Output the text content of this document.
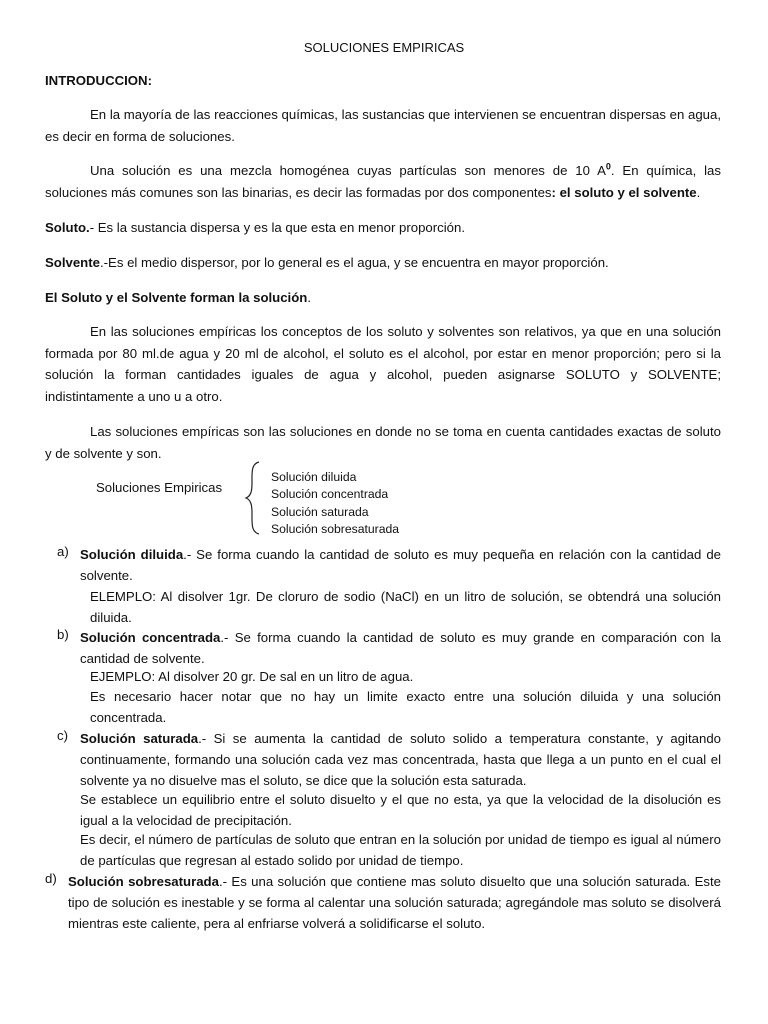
SOLUCIONES EMPIRICAS
INTRODUCCION:

En la mayoría de las reacciones químicas, las sustancias que intervienen se encuentran dispersas en agua, es decir en forma de soluciones.

Una solución es una mezcla homogénea cuyas partículas son menores de 10 $A^0$. En química, las soluciones más comunes son las binarias, es decir las formadas por dos componentes: el soluto y el solvente.

Soluto.- Es la sustancia dispersa y es la que esta en menor proporción.

Solvente.-Es el medio dispersor, por lo general es el agua, y se encuentra en mayor proporción.

El Soluto y el Solvente forman la solución.

En las soluciones empíricas los conceptos de los soluto y solventes son relativos, ya que en una solución formada por 80 ml.de agua y 20 ml de alcohol, el soluto es el alcohol, por estar en menor proporción; pero si la solución la forman cantidades iguales de agua y alcohol, pueden asignarse SOLUTO y SOLVENTE; indistintamente a uno u a otro.

Las soluciones empíricas son las soluciones en donde no se toma en cuenta cantidades exactas de soluto y de solvente y son.

Soluciones Empiricas
Solución diluida
Solución concentrada
Solución saturada
Solución sobresaturada
a) Solución diluida.- Se forma cuando la cantidad de soluto es muy pequeña en relación con la cantidad de solvente.

ELEMPLO: Al disolver 1gr. De cloruro de sodio (NaCl) en un litro de solución, se obtendrá una solución diluida.

b) Solución concentrada.- Se forma cuando la cantidad de soluto es muy grande en comparación con la cantidad de solvente.

EJEMPLO: Al disolver 20 gr. De sal en un litro de agua.

Es necesario hacer notar que no hay un limite exacto entre una solución diluida y una solución concentrada.

c) Solución saturada.- Si se aumenta la cantidad de soluto solido a temperatura constante, y agitando continuamente, formando una solución cada vez mas concentrada, hasta que llega a un punto en el cual el solvente ya no disuelve mas el soluto, se dice que la solución esta saturada.

Se establece un equilibrio entre el soluto disuelto y el que no esta, ya que la velocidad de la disolución es igual a la velocidad de precipitación.

Es decir, el número de partículas de soluto que entran en la solución por unidad de tiempo es igual al número de partículas que regresan al estado solido por unidad de tiempo.

d) Solución sobresaturada.- Es una solución que contiene mas soluto disuelto que una solución saturada. Este tipo de solución es inestable y se forma al calentar una solución saturada; agregándole mas soluto se disolverá mientras este caliente, pera al enfriarse volverá a solidificarse el soluto.
